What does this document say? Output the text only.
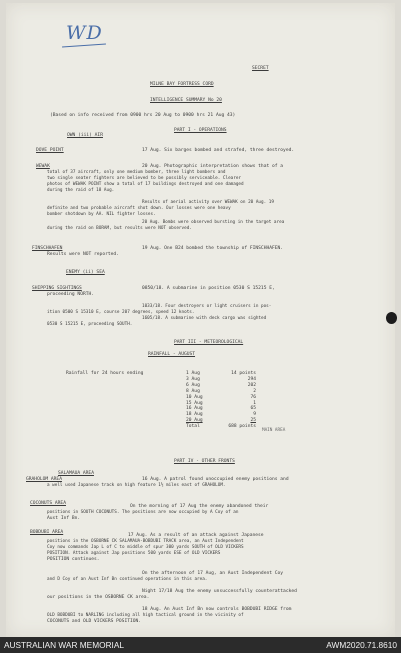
WD
SECRET
MILNE BAY FORTRESS CORD
INTELLIGENCE SUMMARY No 20
(Based on info received from 0900 hrs 20 Aug to 0900 hrs 21 Aug 43)
PART I - OPERATIONS
OWN (iii) AIR
DOVE POINT	17 Aug. Six barges bombed and strafed, three destroyed.
WEWAK	20 Aug. Photographic interpretation shows that of a
total of 37 aircraft, only one medium bomber, three light bombers and
two single seater fighters are believed to be possibly serviceable. Clearer
photos of WEWAK POINT show a total of 17 buildings destroyed and one damaged
during the raid of 18 Aug.
Results of aerial activity over WEWAK on 20 Aug. 19
definite and two probable aircraft shot down. Our losses were one heavy
bomber shotdown by AA. NIL fighter losses.
20 Aug. Bombs were observed bursting in the target area
during the raid on BORAM, but results were NOT observed.
FINSCHHAFEN	19 Aug. One B24 bombed the township of FINSCHHAFEN.
Results were NOT reported.
ENEMY (ii) SEA
SHIPPING SIGHTINGS	0850/18. A submarine in position 0530 S 15215 E,
proceeding NORTH.
1033/18. Four destroyers or light cruisers in pos-
ition 0500 S 15310 E, course 207 degrees, speed 12 knots.
1605/18. A submarine with deck cargo was sighted
0530 S 15215 E, proceeding SOUTH.
PART III - METEOROLOGICAL
RAINFALL - AUGUST
Rainfall for 24 hours ending	1 Aug	14 points
3 Aug	294
6 Aug	202
8 Aug	2
10 Aug	76
15 Aug	1
16 Aug	65
18 Aug	9
20 Aug	25
Total	688 points
MAIN AREA
PART IV - OTHER FRONTS
SALAMAUA AREA
GRAHOLOM AREA	16 Aug. A patrol found unoccupied enemy positions and
a well used Japanese track on high feature 1½ miles east of GRAHOLOM.
COCONUTS AREA
On the morning of 17 Aug the enemy abandoned their
positions in SOUTH COCONUTS. The positions are now occupied by A Coy of an
Aust Inf Bn.
BOBDUBI AREA
17 Aug. As a result of an attack against Japanese
positions in the OSBORNE CK SALAMAUA-BOBDUBI TRACK area, an Aust Independent
Coy now commands Jap L of C to middle of spur 300 yards SOUTH of OLD VICKERS
POSITION. Attack against Jap positions 500 yards ESE of OLD VICKERS
POSITION continues.
On the afternoon of 17 Aug, an Aust Independent Coy
and D Coy of an Aust Inf Bn continued operations in this area.
Night 17/18 Aug the enemy unsuccessfully counterattacked
our positions in the OSBORNE CK area.
18 Aug. An Aust Inf Bn now controls BOBDUBI RIDGE from
OLD BOBDUBI to NARLING including all high tactical ground in the vicinity of
COCONUTS and OLD VICKERS POSITION.
AUSTRALIAN WAR MEMORIAL	AWM2020.71.8610
